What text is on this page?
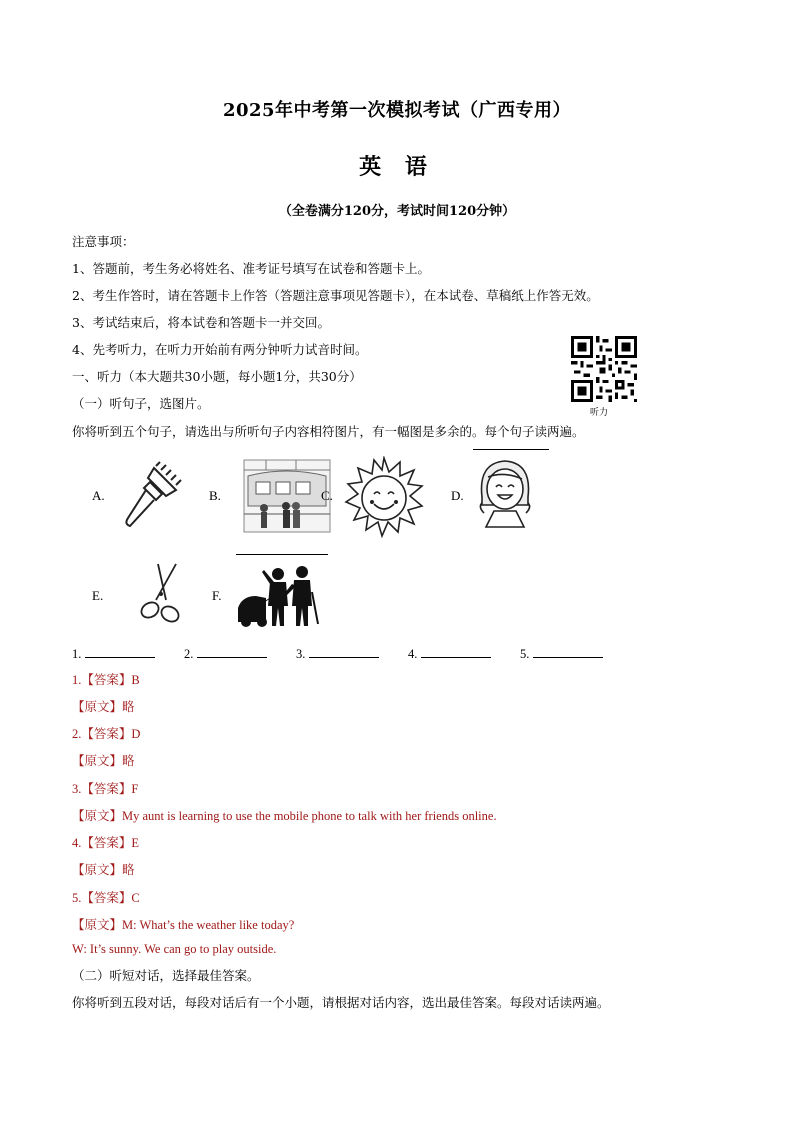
2025年中考第一次模拟考试（广西专用）
英 语
（全卷满分120分，考试时间120分钟）
注意事项：
1、答题前，考生务必将姓名、准考证号填写在试卷和答题卡上。
2、考生作答时，请在答题卡上作答（答题注意事项见答题卡），在本试卷、草稿纸上作答无效。
3、考试结束后，将本试卷和答题卡一并交回。
4、先考听力，在听力开始前有两分钟听力试音时间。
听力
一、听力（本大题共30小题，每小题1分，共30分）
（一）听句子，选图片。
你将听到五个句子，请选出与所听句子内容相符图片，有一幅图是多余的。每个句子读两遍。
A.	B.	C.	D.
E.	F.
1.	2.	3.	4.	5.
1.【答案】B
【原文】略
2.【答案】D
【原文】略
3.【答案】F
【原文】My aunt is learning to use the mobile phone to talk with her friends online.
4.【答案】E
【原文】略
5.【答案】C
【原文】M: What’s the weather like today?
W: It’s sunny. We can go to play outside.
（二）听短对话，选择最佳答案。
你将听到五段对话，每段对话后有一个小题，请根据对话内容，选出最佳答案。每段对话读两遍。
